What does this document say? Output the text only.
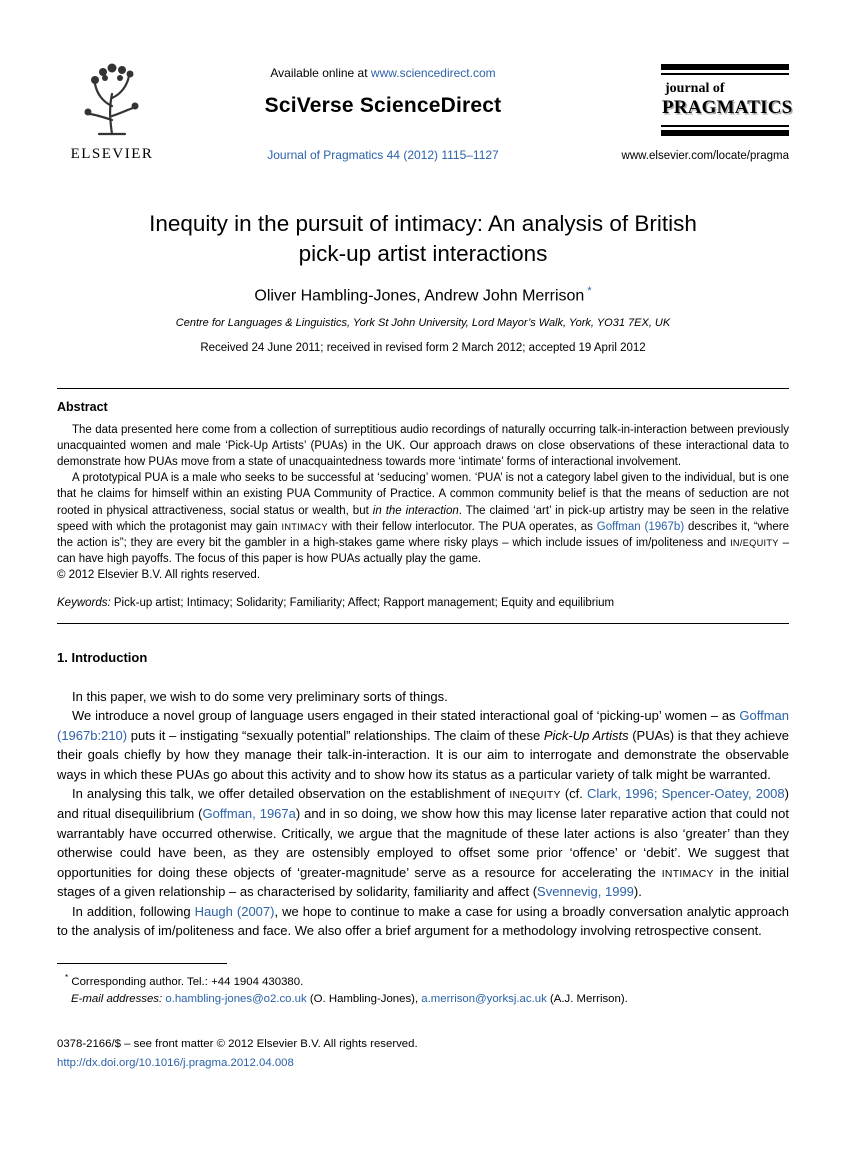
ELSEVIER
Available online at www.sciencedirect.com
SciVerse ScienceDirect
Journal of Pragmatics 44 (2012) 1115–1127
journal of
PRAGMATICS
www.elsevier.com/locate/pragma
Inequity in the pursuit of intimacy: An analysis of British pick-up artist interactions
Oliver Hambling-Jones, Andrew John Merrison *
Centre for Languages & Linguistics, York St John University, Lord Mayor’s Walk, York, YO31 7EX, UK
Received 24 June 2011; received in revised form 2 March 2012; accepted 19 April 2012
Abstract

The data presented here come from a collection of surreptitious audio recordings of naturally occurring talk-in-interaction between previously unacquainted women and male ‘Pick-Up Artists’ (PUAs) in the UK. Our approach draws on close observations of these interactional data to demonstrate how PUAs move from a state of unacquaintedness towards more ‘intimate’ forms of interactional involvement.

A prototypical PUA is a male who seeks to be successful at ‘seducing’ women. ‘PUA’ is not a category label given to the individual, but is one that he claims for himself within an existing PUA Community of Practice. A common community belief is that the means of seduction are not rooted in physical attractiveness, social status or wealth, but in the interaction. The claimed ‘art’ in pick-up artistry may be seen in the relative speed with which the protagonist may gain INTIMACY with their fellow interlocutor. The PUA operates, as Goffman (1967b) describes it, “where the action is”; they are every bit the gambler in a high-stakes game where risky plays – which include issues of im/politeness and IN/EQUITY – can have high payoffs. The focus of this paper is how PUAs actually play the game.

© 2012 Elsevier B.V. All rights reserved.
Keywords: Pick-up artist; Intimacy; Solidarity; Familiarity; Affect; Rapport management; Equity and equilibrium
1. Introduction

In this paper, we wish to do some very preliminary sorts of things.

We introduce a novel group of language users engaged in their stated interactional goal of ‘picking-up’ women – as Goffman (1967b:210) puts it – instigating “sexually potential” relationships. The claim of these Pick-Up Artists (PUAs) is that they achieve their goals chiefly by how they manage their talk-in-interaction. It is our aim to interrogate and demonstrate the observable ways in which these PUAs go about this activity and to show how its status as a particular variety of talk might be warranted.

In analysing this talk, we offer detailed observation on the establishment of INEQUITY (cf. Clark, 1996; Spencer-Oatey, 2008) and ritual disequilibrium (Goffman, 1967a) and in so doing, we show how this may license later reparative action that could not warrantably have occurred otherwise. Critically, we argue that the magnitude of these later actions is also ‘greater’ than they otherwise could have been, as they are ostensibly employed to offset some prior ‘offence’ or ‘debit’. We suggest that opportunities for doing these objects of ‘greater-magnitude’ serve as a resource for accelerating the INTIMACY in the initial stages of a given relationship – as characterised by solidarity, familiarity and affect (Svennevig, 1999).

In addition, following Haugh (2007), we hope to continue to make a case for using a broadly conversation analytic approach to the analysis of im/politeness and face. We also offer a brief argument for a methodology involving retrospective consent.

* Corresponding author. Tel.: +44 1904 430380.
E-mail addresses: o.hambling-jones@o2.co.uk (O. Hambling-Jones), a.merrison@yorksj.ac.uk (A.J. Merrison).
0378-2166/$ – see front matter © 2012 Elsevier B.V. All rights reserved.
http://dx.doi.org/10.1016/j.pragma.2012.04.008
